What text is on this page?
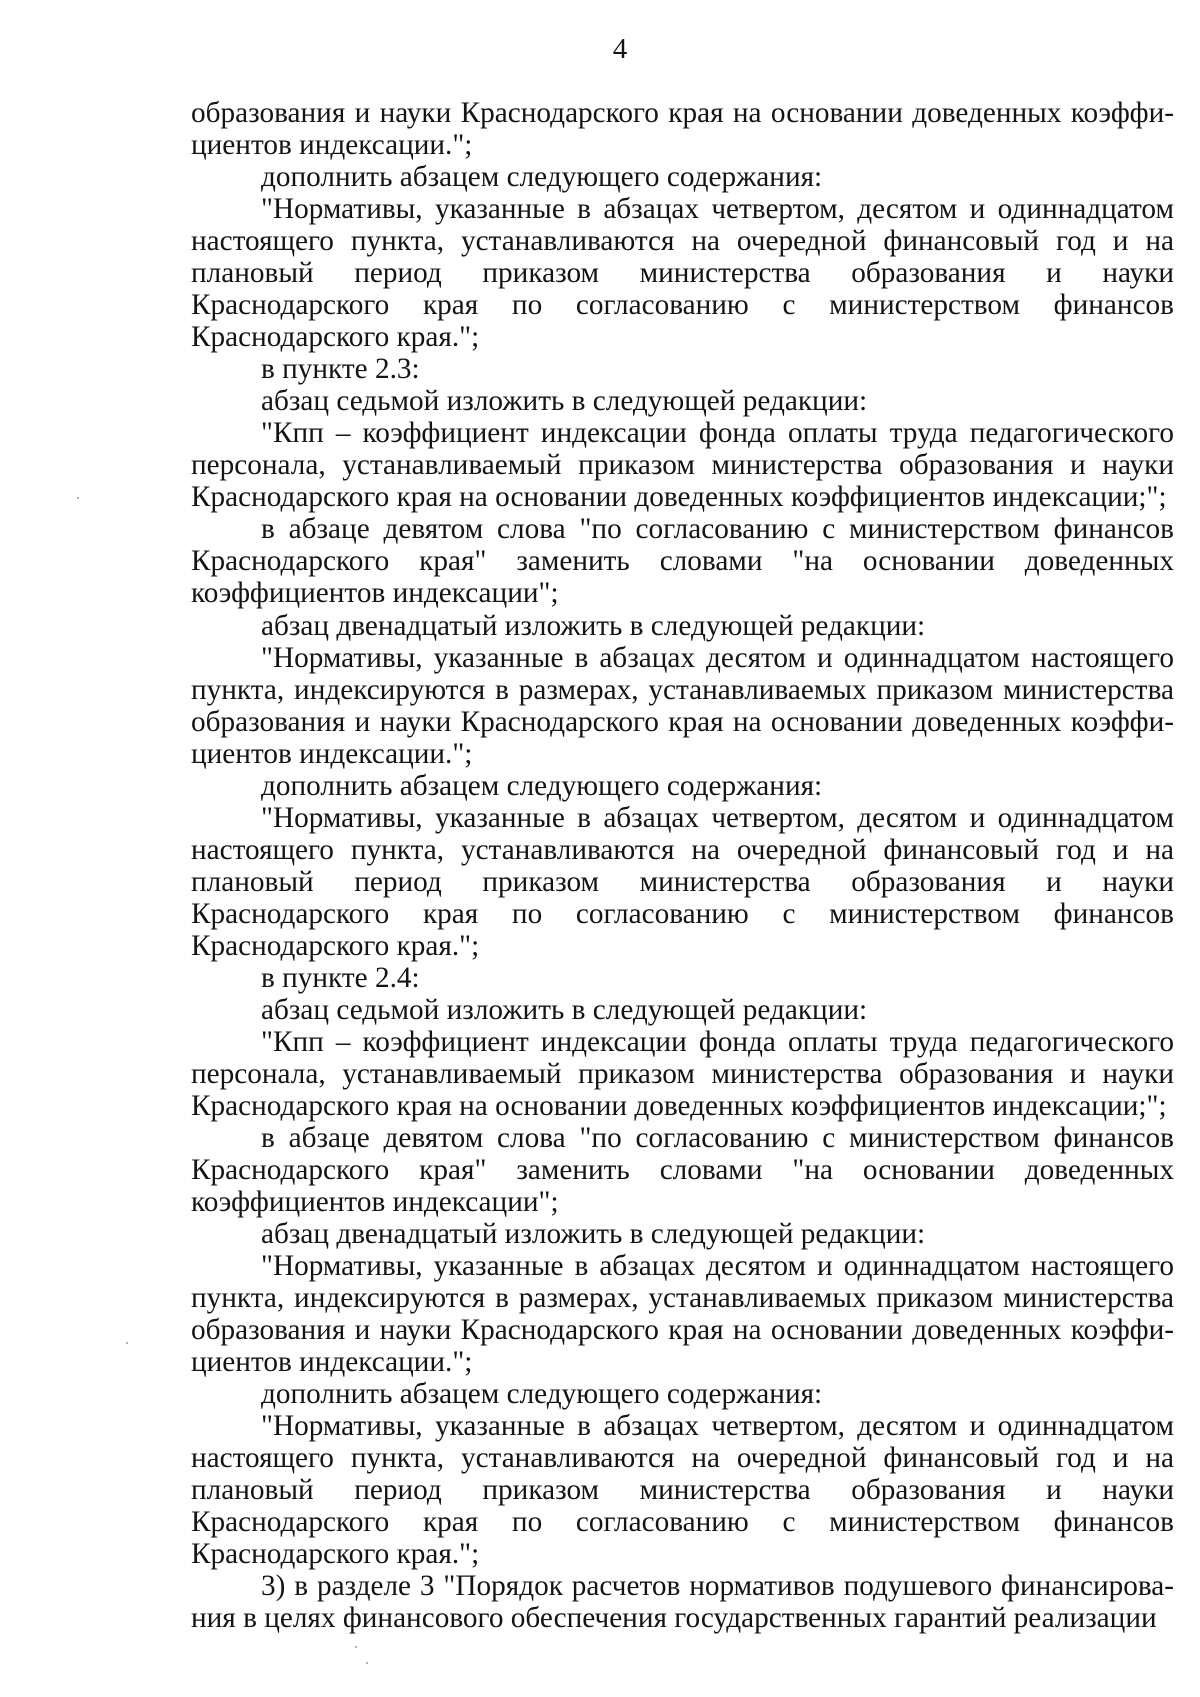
4

образования и науки Краснодарского края на основании доведенных коэффициентов индексации.";

дополнить абзацем следующего содержания:

"Нормативы, указанные в абзацах четвертом, десятом и одиннадцатом настоящего пункта, устанавливаются на очередной финансовый год и на плановый период приказом министерства образования и науки Краснодарского края по согласованию с министерством финансов Краснодарского края.";

в пункте 2.3:

абзац седьмой изложить в следующей редакции:

"Кпп – коэффициент индексации фонда оплаты труда педагогического персонала, устанавливаемый приказом министерства образования и науки Краснодарского края на основании доведенных коэффициентов индексации;";

в абзаце девятом слова "по согласованию с министерством финансов Краснодарского края" заменить словами "на основании доведенных коэффициентов индексации";

абзац двенадцатый изложить в следующей редакции:

"Нормативы, указанные в абзацах десятом и одиннадцатом настоящего пункта, индексируются в размерах, устанавливаемых приказом министерства образования и науки Краснодарского края на основании доведенных коэффициентов индексации.";

дополнить абзацем следующего содержания:

"Нормативы, указанные в абзацах четвертом, десятом и одиннадцатом настоящего пункта, устанавливаются на очередной финансовый год и на плановый период приказом министерства образования и науки Краснодарского края по согласованию с министерством финансов Краснодарского края.";

в пункте 2.4:

абзац седьмой изложить в следующей редакции:

"Кпп – коэффициент индексации фонда оплаты труда педагогического персонала, устанавливаемый приказом министерства образования и науки Краснодарского края на основании доведенных коэффициентов индексации;";

в абзаце девятом слова "по согласованию с министерством финансов Краснодарского края" заменить словами "на основании доведенных коэффициентов индексации";

абзац двенадцатый изложить в следующей редакции:

"Нормативы, указанные в абзацах десятом и одиннадцатом настоящего пункта, индексируются в размерах, устанавливаемых приказом министерства образования и науки Краснодарского края на основании доведенных коэффициентов индексации.";

дополнить абзацем следующего содержания:

"Нормативы, указанные в абзацах четвертом, десятом и одиннадцатом настоящего пункта, устанавливаются на очередной финансовый год и на плановый период приказом министерства образования и науки Краснодарского края по согласованию с министерством финансов Краснодарского края.";

3) в разделе 3 "Порядок расчетов нормативов подушевого финансирования в целях финансового обеспечения государственных гарантий реализации
